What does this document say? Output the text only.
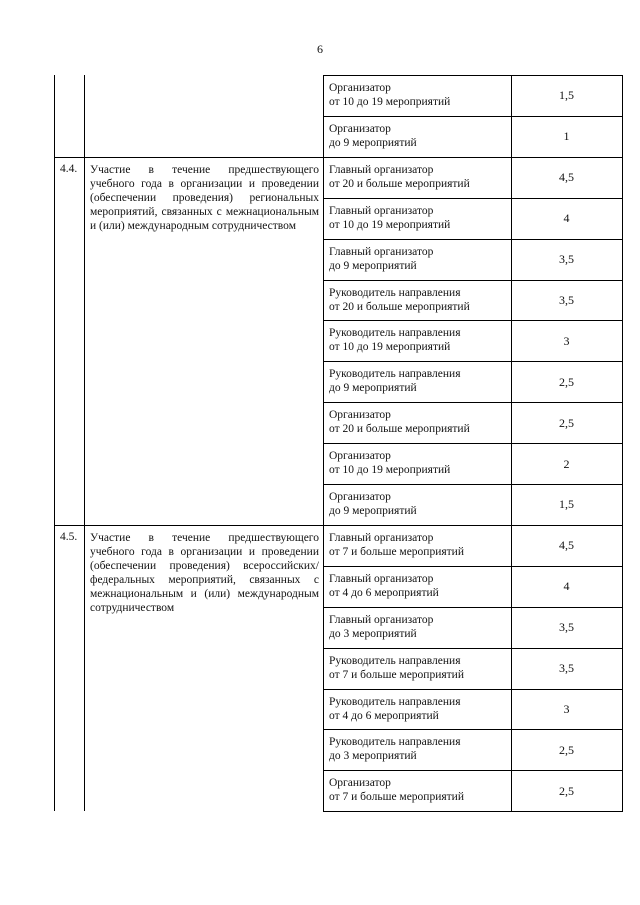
6
Организатор
от 10 до 19 мероприятий	1,5
Организатор
до 9 мероприятий	1
4.4.	Участие в течение предшествующего учебного года в организации и проведении (обеспечении проведения) региональных мероприятий, связанных с межнациональным и (или) международным сотрудничеством
Главный организатор
от 20 и больше мероприятий	4,5
Главный организатор
от 10 до 19 мероприятий	4
Главный организатор
до 9 мероприятий	3,5
Руководитель направления
от 20 и больше мероприятий	3,5
Руководитель направления
от 10 до 19 мероприятий	3
Руководитель направления
до 9 мероприятий	2,5
Организатор
от 20 и больше мероприятий	2,5
Организатор
от 10 до 19 мероприятий	2
Организатор
до 9 мероприятий	1,5
4.5.	Участие в течение предшествующего учебного года в организации и проведении (обеспечении проведения) всероссийских/федеральных мероприятий, связанных с межнациональным и (или) международным сотрудничеством
Главный организатор
от 7 и больше мероприятий	4,5
Главный организатор
от 4 до 6 мероприятий	4
Главный организатор
до 3 мероприятий	3,5
Руководитель направления
от 7 и больше мероприятий	3,5
Руководитель направления
от 4 до 6 мероприятий	3
Руководитель направления
до 3 мероприятий	2,5
Организатор
от 7 и больше мероприятий	2,5
